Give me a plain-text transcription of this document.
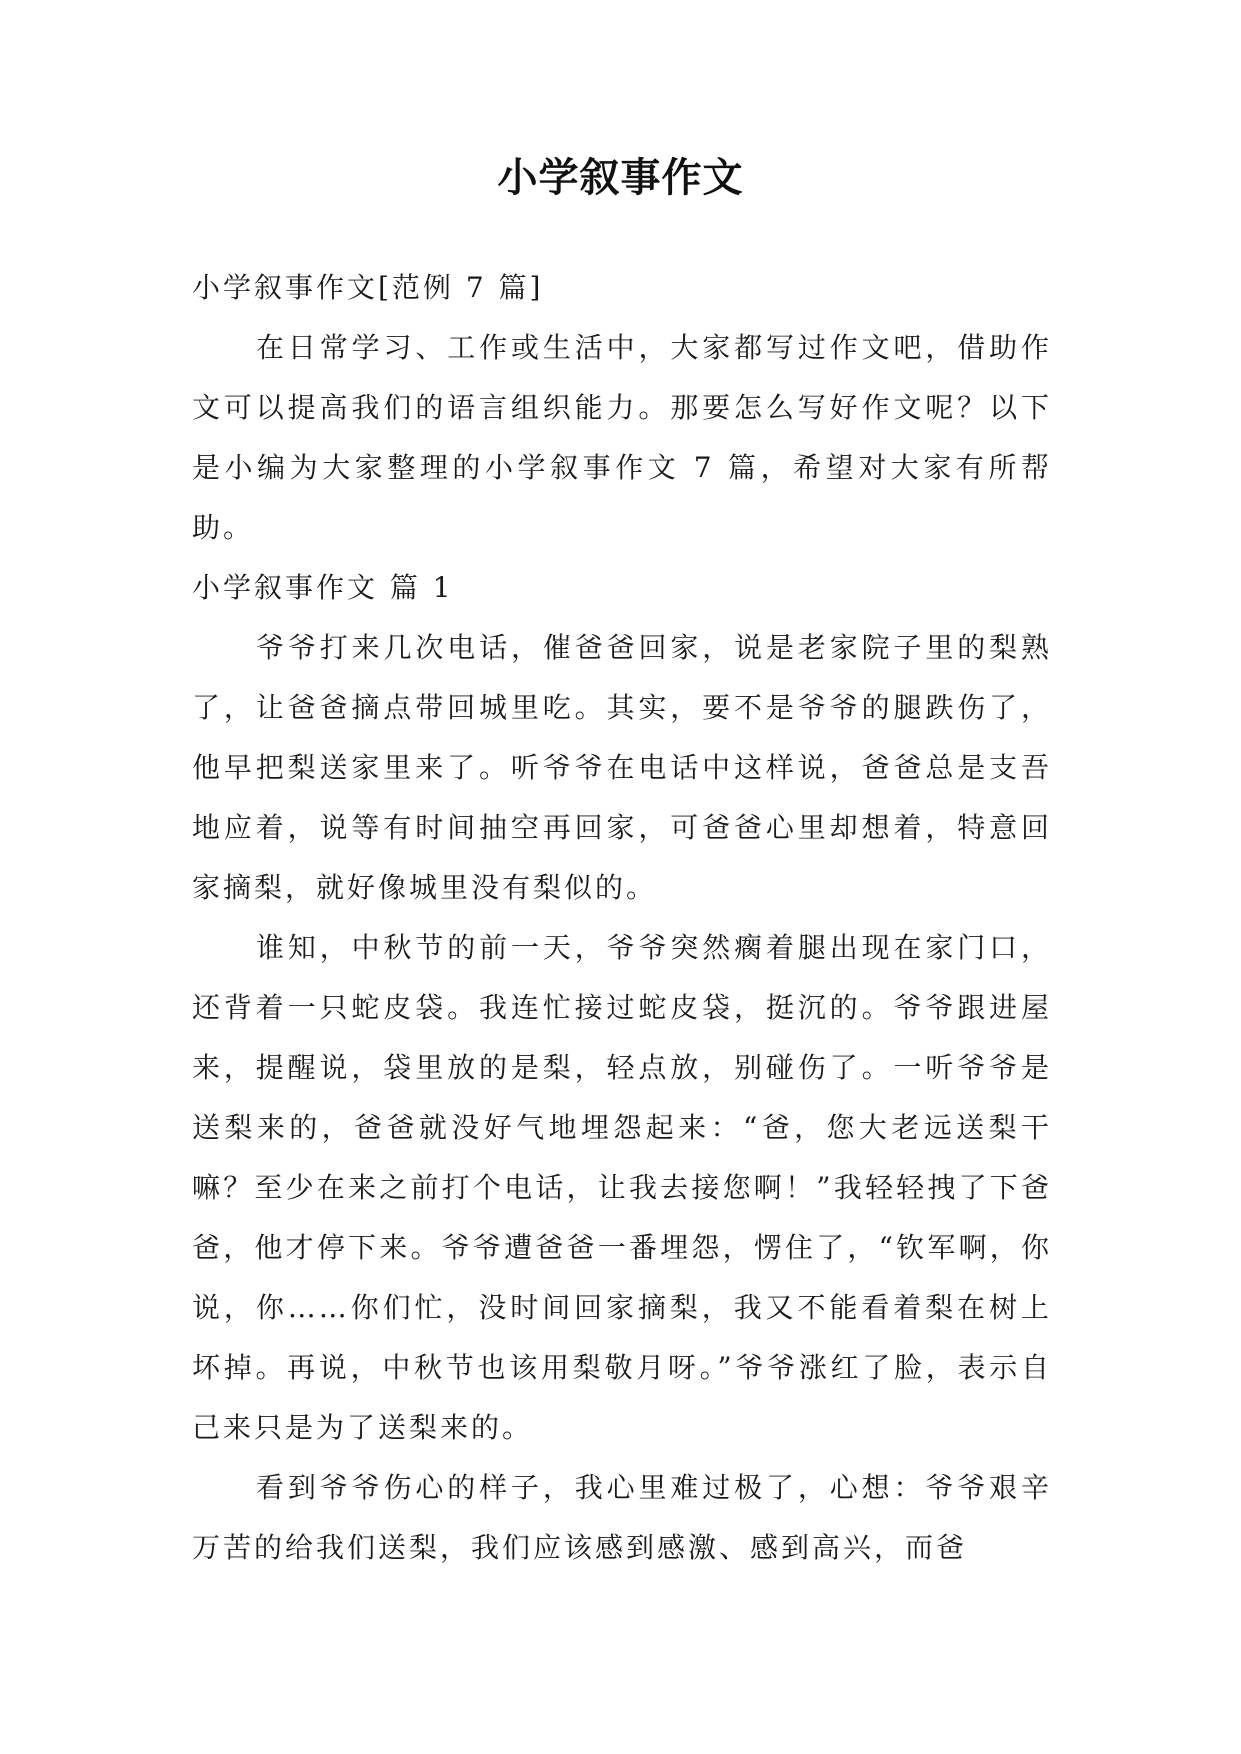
小学叙事作文

小学叙事作文[范例 7 篇]

在日常学习、工作或生活中，大家都写过作文吧，借助作文可以提高我们的语言组织能力。那要怎么写好作文呢？以下是小编为大家整理的小学叙事作文 7 篇，希望对大家有所帮助。

小学叙事作文 篇 1

爷爷打来几次电话，催爸爸回家，说是老家院子里的梨熟了，让爸爸摘点带回城里吃。其实，要不是爷爷的腿跌伤了，他早把梨送家里来了。听爷爷在电话中这样说，爸爸总是支吾地应着，说等有时间抽空再回家，可爸爸心里却想着，特意回家摘梨，就好像城里没有梨似的。

谁知，中秋节的前一天，爷爷突然瘸着腿出现在家门口，还背着一只蛇皮袋。我连忙接过蛇皮袋，挺沉的。爷爷跟进屋来，提醒说，袋里放的是梨，轻点放，别碰伤了。一听爷爷是送梨来的，爸爸就没好气地埋怨起来：“爸，您大老远送梨干嘛？至少在来之前打个电话，让我去接您啊！”我轻轻拽了下爸爸，他才停下来。爷爷遭爸爸一番埋怨，愣住了，“钦军啊，你说，你……你们忙，没时间回家摘梨，我又不能看着梨在树上坏掉。再说，中秋节也该用梨敬月呀。”爷爷涨红了脸，表示自己来只是为了送梨来的。

看到爷爷伤心的样子，我心里难过极了，心想：爷爷艰辛万苦的给我们送梨，我们应该感到感激、感到高兴，而爸
